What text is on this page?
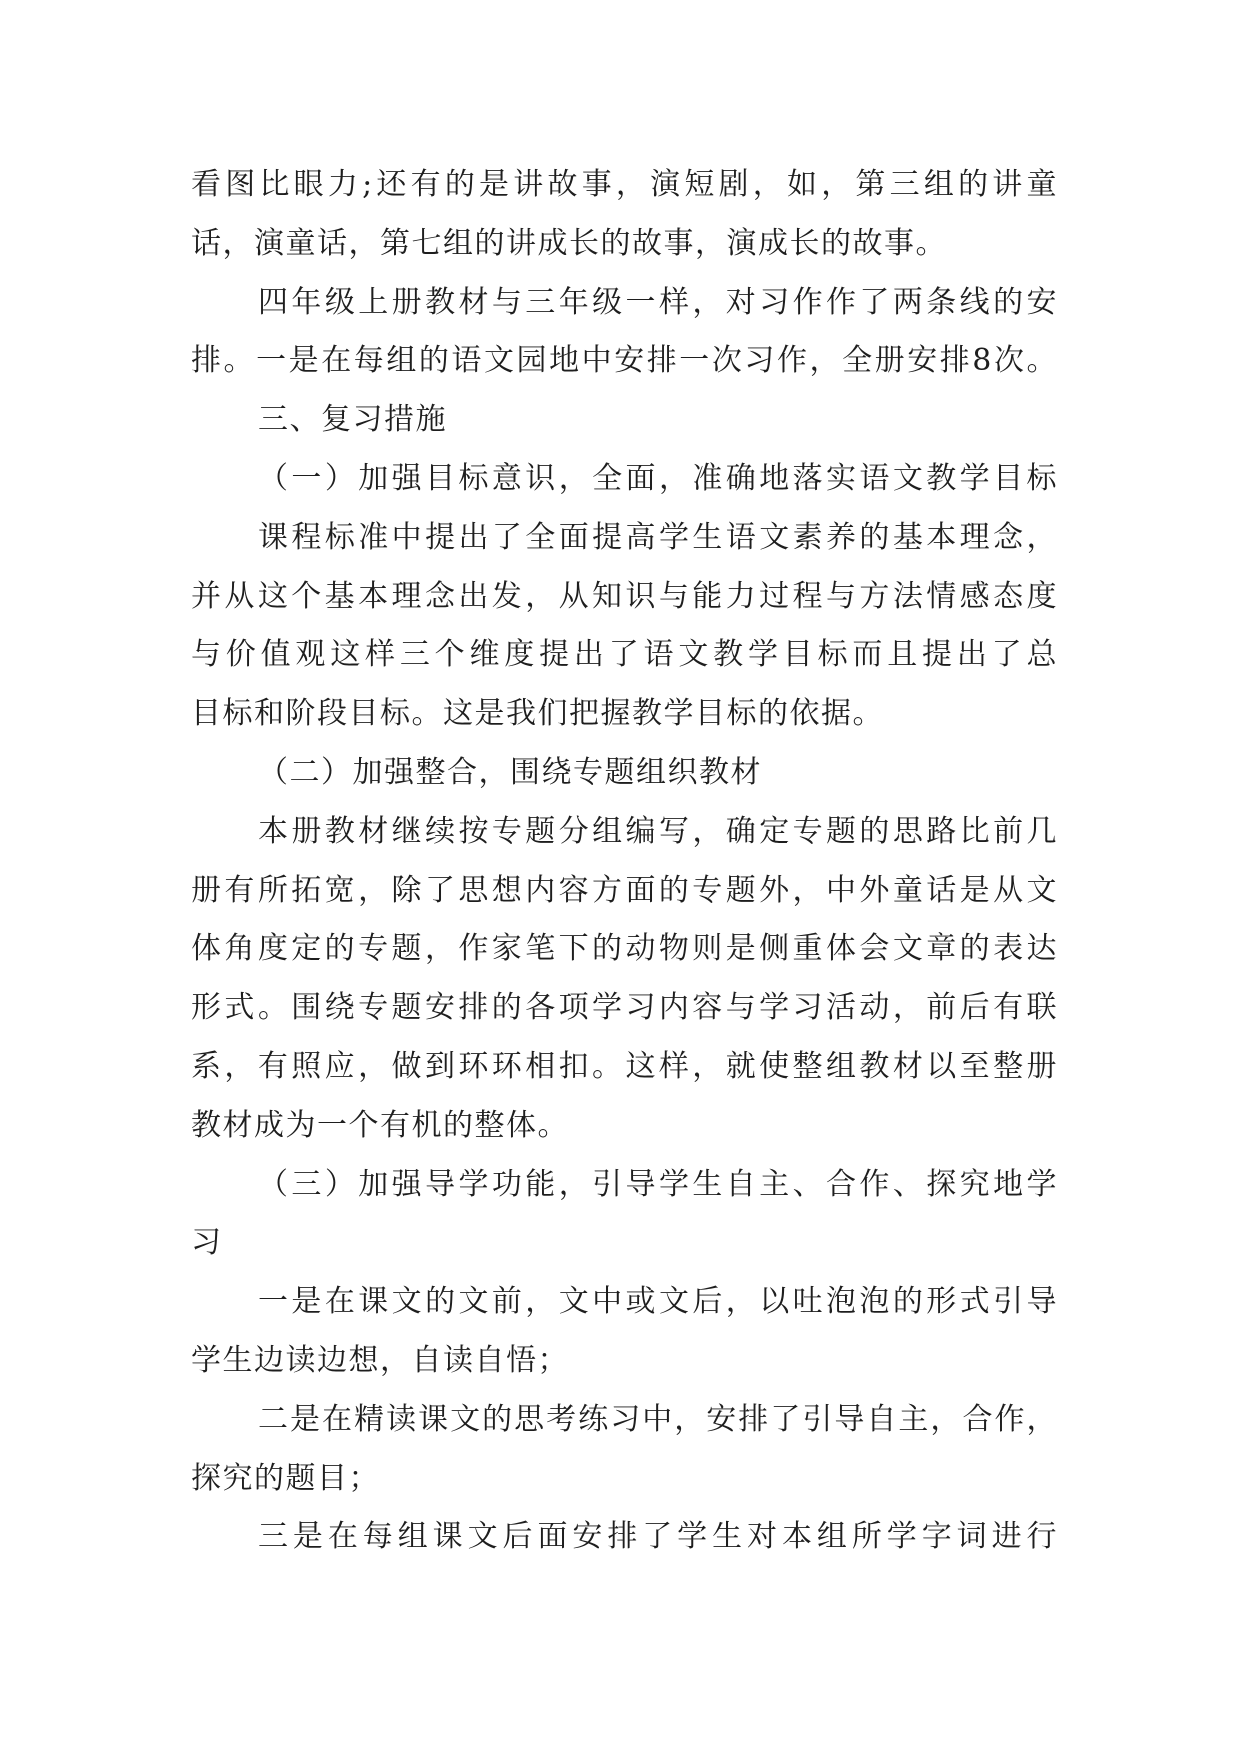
看图比眼力;还有的是讲故事，演短剧，如，第三组的讲童
话，演童话，第七组的讲成长的故事，演成长的故事。
四年级上册教材与三年级一样，对习作作了两条线的安
排。一是在每组的语文园地中安排一次习作，全册安排8次。
三、复习措施
（一）加强目标意识，全面，准确地落实语文教学目标
课程标准中提出了全面提高学生语文素养的基本理念，
并从这个基本理念出发，从知识与能力过程与方法情感态度
与价值观这样三个维度提出了语文教学目标而且提出了总
目标和阶段目标。这是我们把握教学目标的依据。
（二）加强整合，围绕专题组织教材
本册教材继续按专题分组编写，确定专题的思路比前几
册有所拓宽，除了思想内容方面的专题外，中外童话是从文
体角度定的专题，作家笔下的动物则是侧重体会文章的表达
形式。围绕专题安排的各项学习内容与学习活动，前后有联
系，有照应，做到环环相扣。这样，就使整组教材以至整册
教材成为一个有机的整体。
（三）加强导学功能，引导学生自主、合作、探究地学
习
一是在课文的文前，文中或文后，以吐泡泡的形式引导
学生边读边想，自读自悟；
二是在精读课文的思考练习中，安排了引导自主，合作，
探究的题目；
三是在每组课文后面安排了学生对本组所学字词进行
